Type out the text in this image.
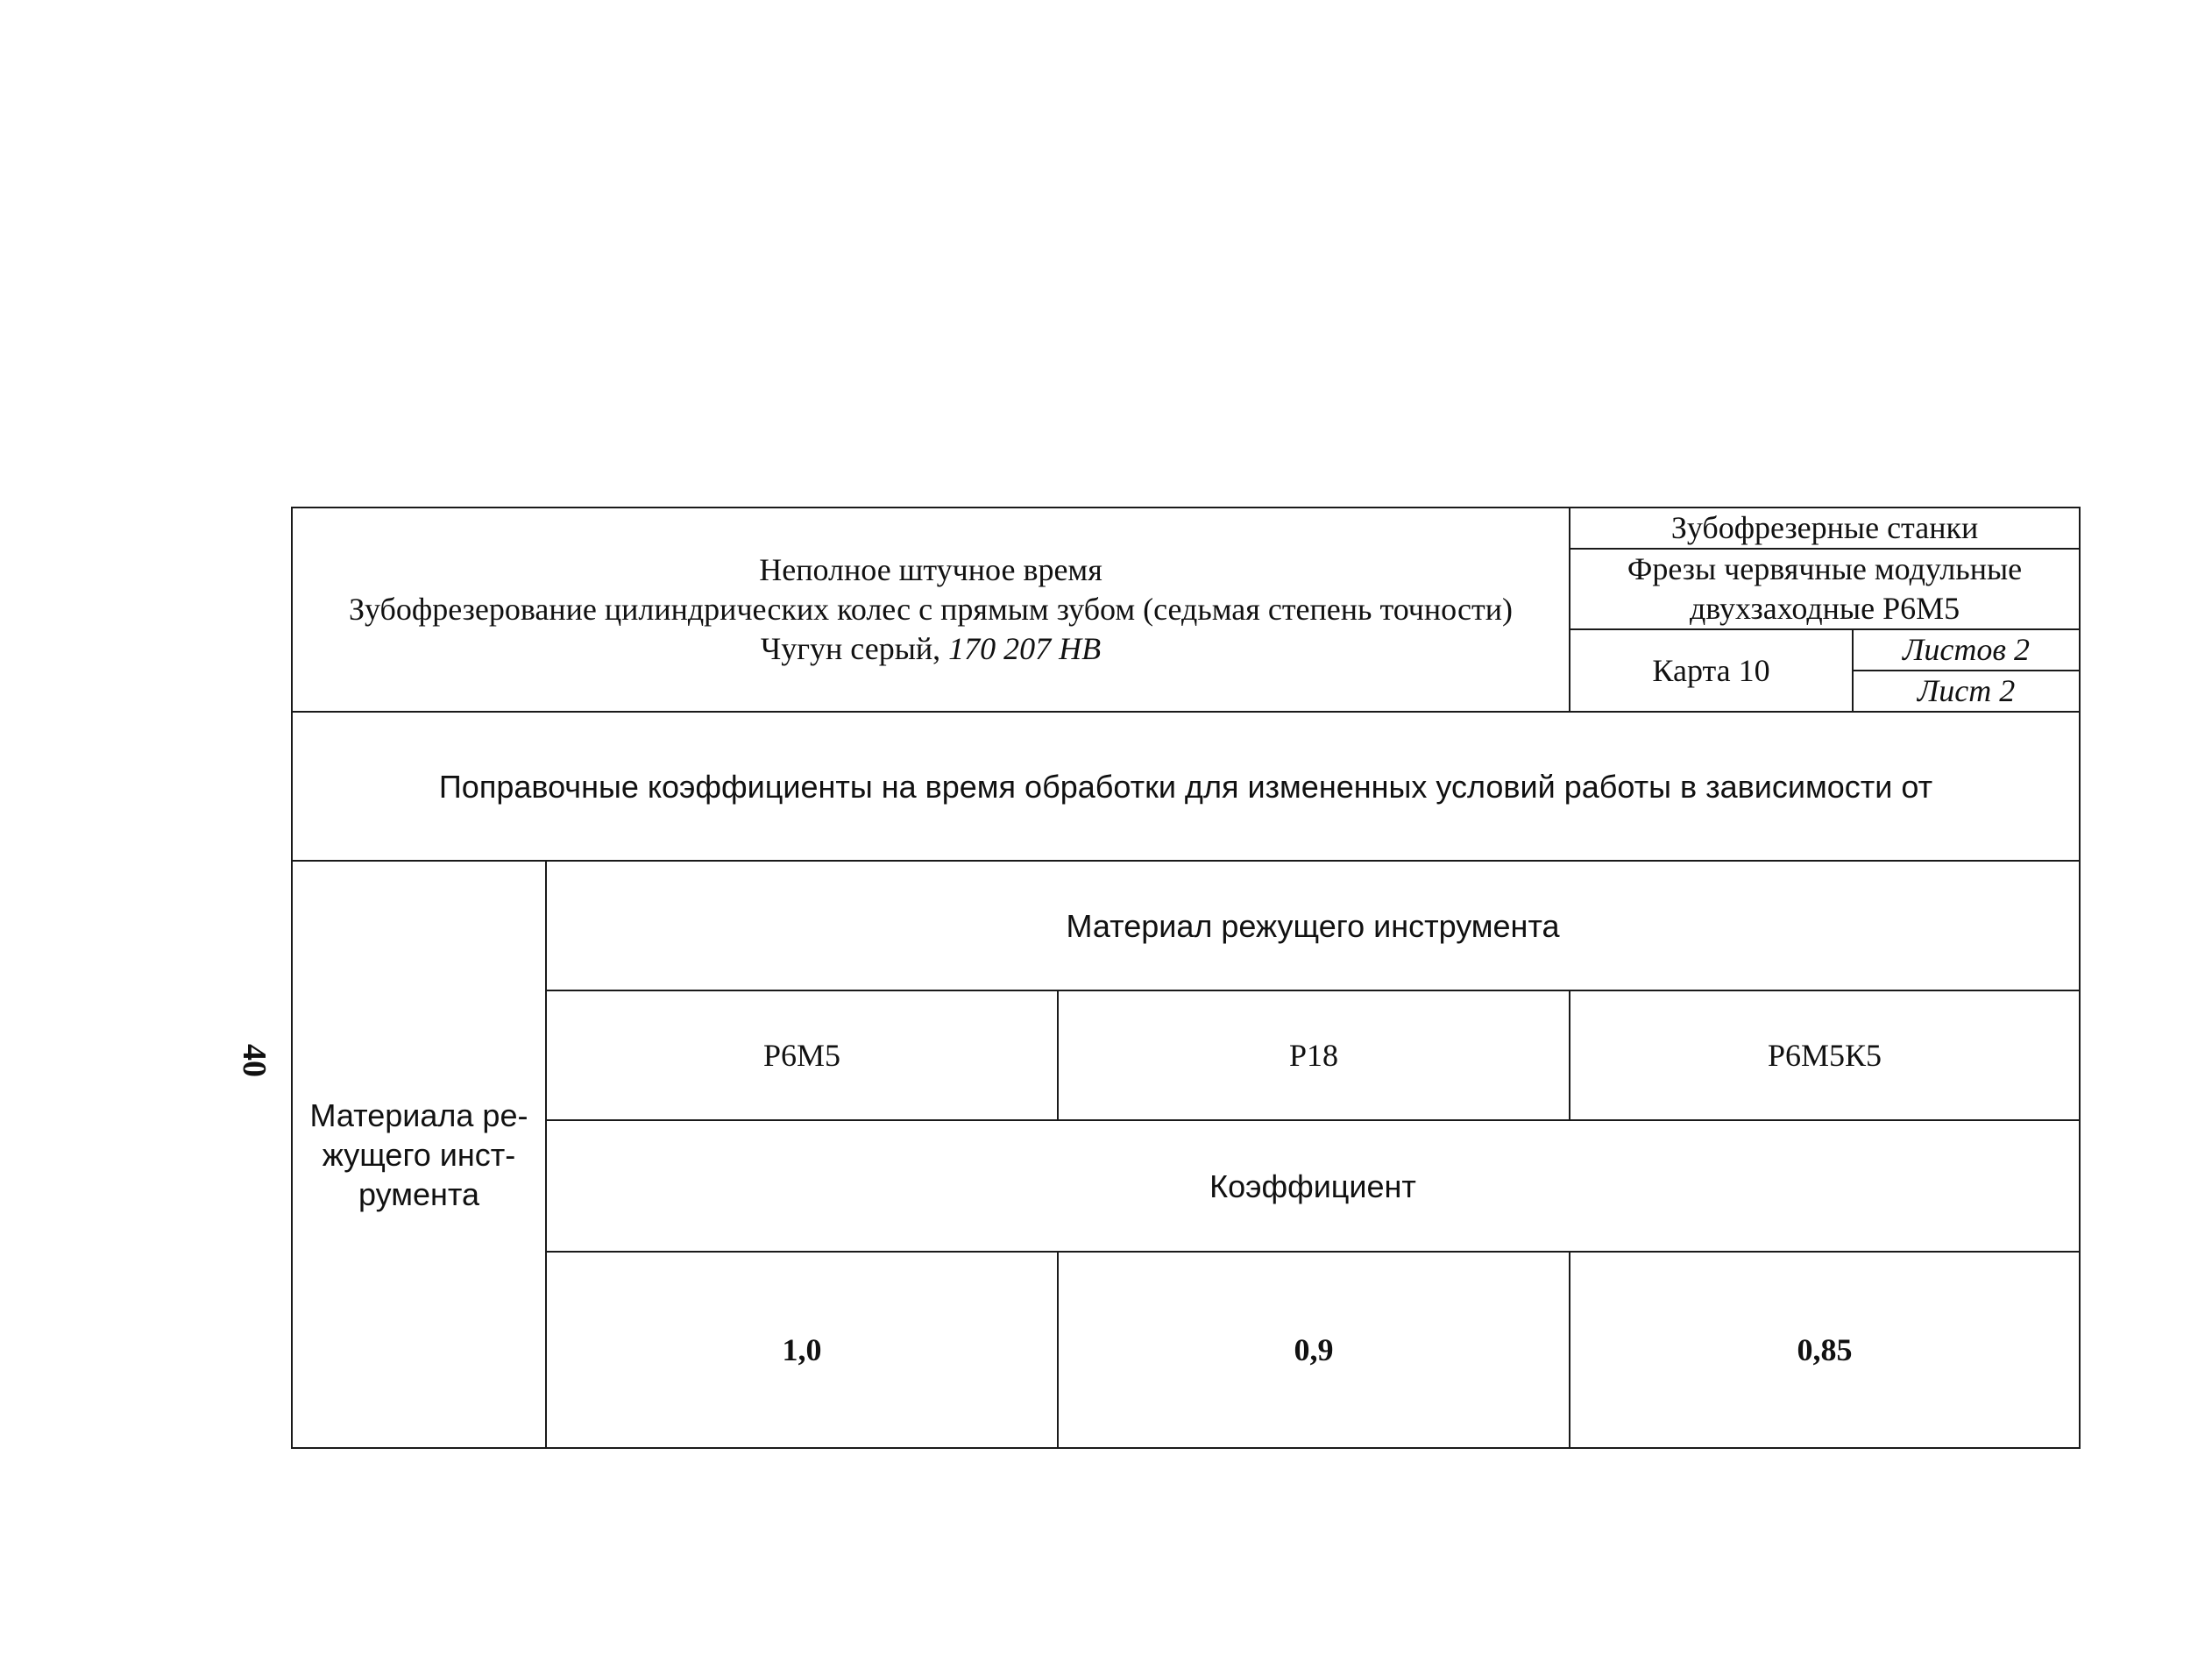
40
Неполное штучное время
Зубофрезерование цилиндрических колес с прямым зубом (седьмая степень точности)
Чугун серый, 170 207 НВ			Зубофрезерные станки	

			Фрезы червячные модульные
двухзаходные Р6М5	

			Карта 10	Листов 2
				Лист 2
Поправочные коэффициенты на время обработки для измененных условий работы в зависимости от				

Материала ре-
жущего инст-
румента	Материал режущего инструмента			
	Р6М5	Р18	Р6М5К5	
	Коэффициент			
	1,0	0,9	0,85	
